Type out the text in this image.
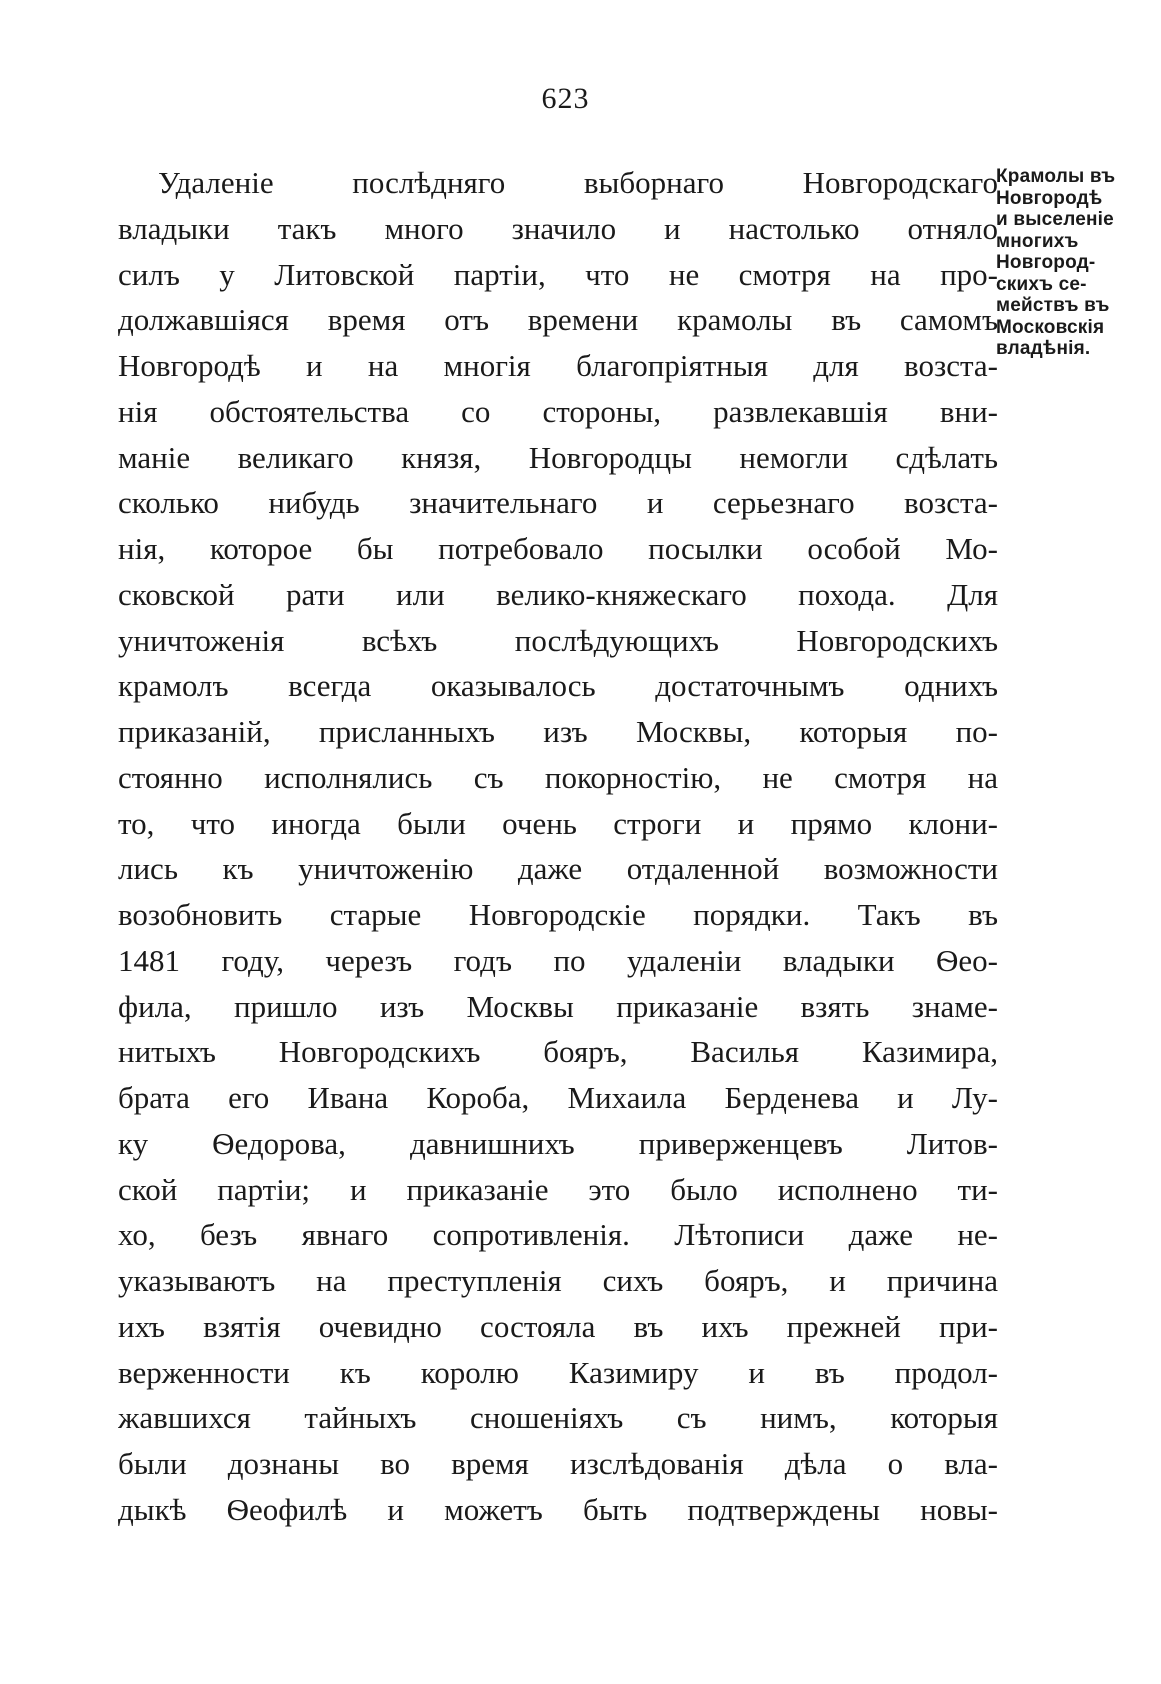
623
Удаленіе послѣдняго выборнаго Новгородскаго
владыки такъ много значило и настолько отняло
силъ у Литовской партіи, что не смотря на про-
должавшіяся время отъ времени крамолы въ самомъ
Новгородѣ и на многія благопріятныя для возста-
нія обстоятельства со стороны, развлекавшія вни-
маніе великаго князя, Новгородцы немогли сдѣлать
сколько нибудь значительнаго и серьезнаго возста-
нія, которое бы потребовало посылки особой Мо-
сковской рати или велико-княжескаго похода. Для
уничтоженія всѣхъ послѣдующихъ Новгородскихъ
крамолъ всегда оказывалось достаточнымъ однихъ
приказаній, присланныхъ изъ Москвы, которыя по-
стоянно исполнялись съ покорностію, не смотря на
то, что иногда были очень строги и прямо клони-
лись къ уничтоженію даже отдаленной возможности
возобновить старые Новгородскіе порядки. Такъ въ
1481 году, черезъ годъ по удаленіи владыки Ѳео-
фила, пришло изъ Москвы приказаніе взять знаме-
нитыхъ Новгородскихъ бояръ, Василья Казимира,
брата его Ивана Короба, Михаила Берденева и Лу-
ку Ѳедорова, давнишнихъ приверженцевъ Литов-
ской партіи; и приказаніе это было исполнено ти-
хо, безъ явнаго сопротивленія. Лѣтописи даже не-
указываютъ на преступленія сихъ бояръ, и причина
ихъ взятія очевидно состояла въ ихъ прежней при-
верженности къ королю Казимиру и въ продол-
жавшихся тайныхъ сношеніяхъ съ нимъ, которыя
были дознаны во время изслѣдованія дѣла о вла-
дыкѣ Ѳеофилѣ и можетъ быть подтверждены новы-
Крамолы въ
Новгородѣ
и выселеніе
многихъ
Новгород-
скихъ се-
мействъ въ
Московскія
владѣнія.
